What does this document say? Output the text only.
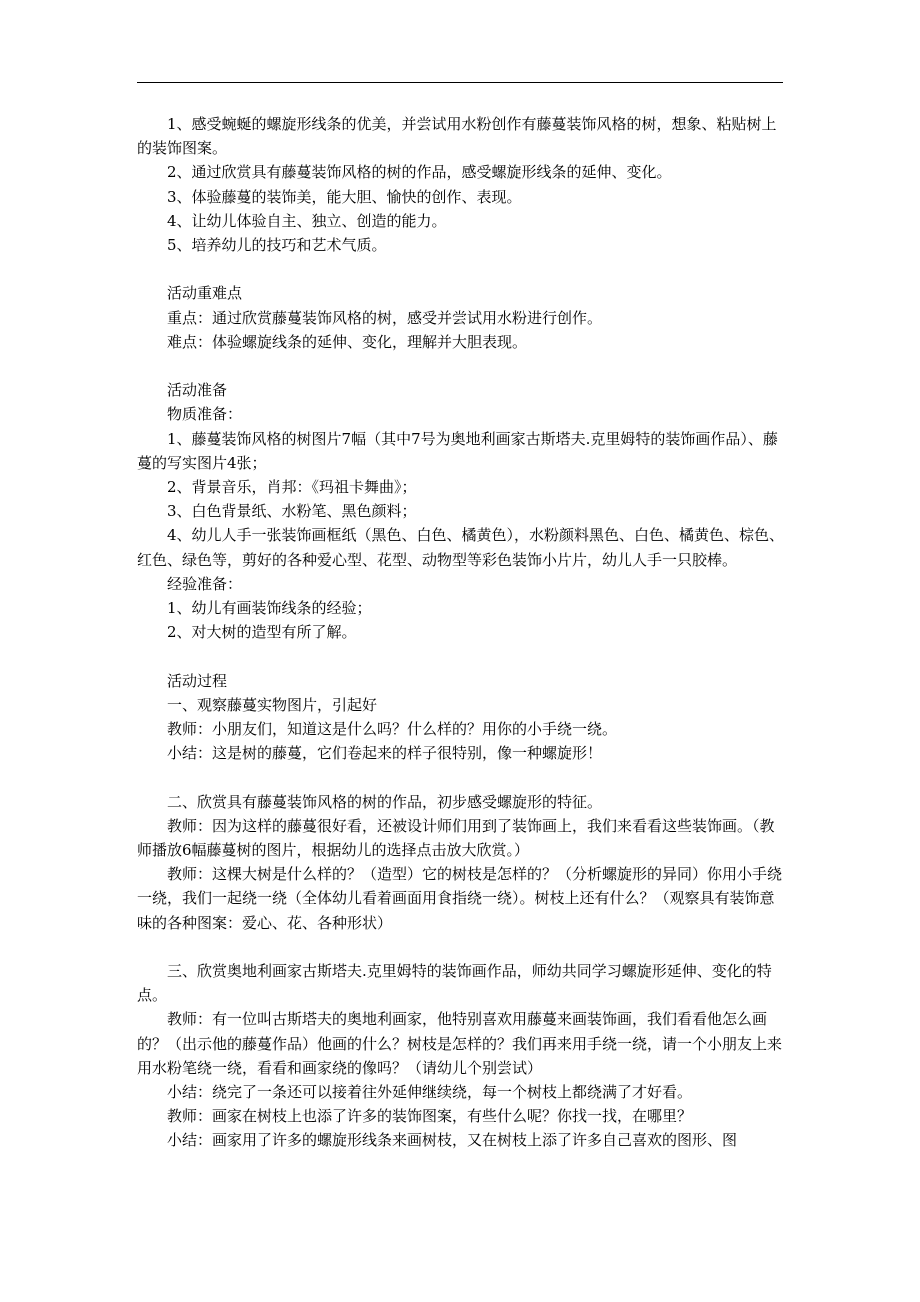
1、感受蜿蜒的螺旋形线条的优美，并尝试用水粉创作有藤蔓装饰风格的树，想象、粘贴树上的装饰图案。

2、通过欣赏具有藤蔓装饰风格的树的作品，感受螺旋形线条的延伸、变化。

3、体验藤蔓的装饰美，能大胆、愉快的创作、表现。

4、让幼儿体验自主、独立、创造的能力。

5、培养幼儿的技巧和艺术气质。

活动重难点

重点：通过欣赏藤蔓装饰风格的树，感受并尝试用水粉进行创作。

难点：体验螺旋线条的延伸、变化，理解并大胆表现。

活动准备

物质准备：

1、藤蔓装饰风格的树图片7幅（其中7号为奥地利画家古斯塔夫.克里姆特的装饰画作品）、藤蔓的写实图片4张；

2、背景音乐，肖邦：《玛祖卡舞曲》；

3、白色背景纸、水粉笔、黑色颜料；

4、幼儿人手一张装饰画框纸（黑色、白色、橘黄色），水粉颜料黑色、白色、橘黄色、棕色、红色、绿色等，剪好的各种爱心型、花型、动物型等彩色装饰小片片，幼儿人手一只胶棒。

经验准备：

1、幼儿有画装饰线条的经验；

2、对大树的造型有所了解。

活动过程

一、观察藤蔓实物图片，引起好

教师：小朋友们，知道这是什么吗？什么样的？用你的小手绕一绕。

小结：这是树的藤蔓，它们卷起来的样子很特别，像一种螺旋形！

二、欣赏具有藤蔓装饰风格的树的作品，初步感受螺旋形的特征。

教师：因为这样的藤蔓很好看，还被设计师们用到了装饰画上，我们来看看这些装饰画。（教师播放6幅藤蔓树的图片，根据幼儿的选择点击放大欣赏。）

教师：这棵大树是什么样的？（造型）它的树枝是怎样的？（分析螺旋形的异同）你用小手绕一绕，我们一起绕一绕（全体幼儿看着画面用食指绕一绕）。树枝上还有什么？（观察具有装饰意味的各种图案：爱心、花、各种形状）

三、欣赏奥地利画家古斯塔夫.克里姆特的装饰画作品，师幼共同学习螺旋形延伸、变化的特点。

教师：有一位叫古斯塔夫的奥地利画家，他特别喜欢用藤蔓来画装饰画，我们看看他怎么画的？（出示他的藤蔓作品）他画的什么？树枝是怎样的？我们再来用手绕一绕，请一个小朋友上来用水粉笔绕一绕，看看和画家绕的像吗？（请幼儿个别尝试）

小结：绕完了一条还可以接着往外延伸继续绕，每一个树枝上都绕满了才好看。

教师：画家在树枝上也添了许多的装饰图案，有些什么呢？你找一找，在哪里？

小结：画家用了许多的螺旋形线条来画树枝，又在树枝上添了许多自己喜欢的图形、图
